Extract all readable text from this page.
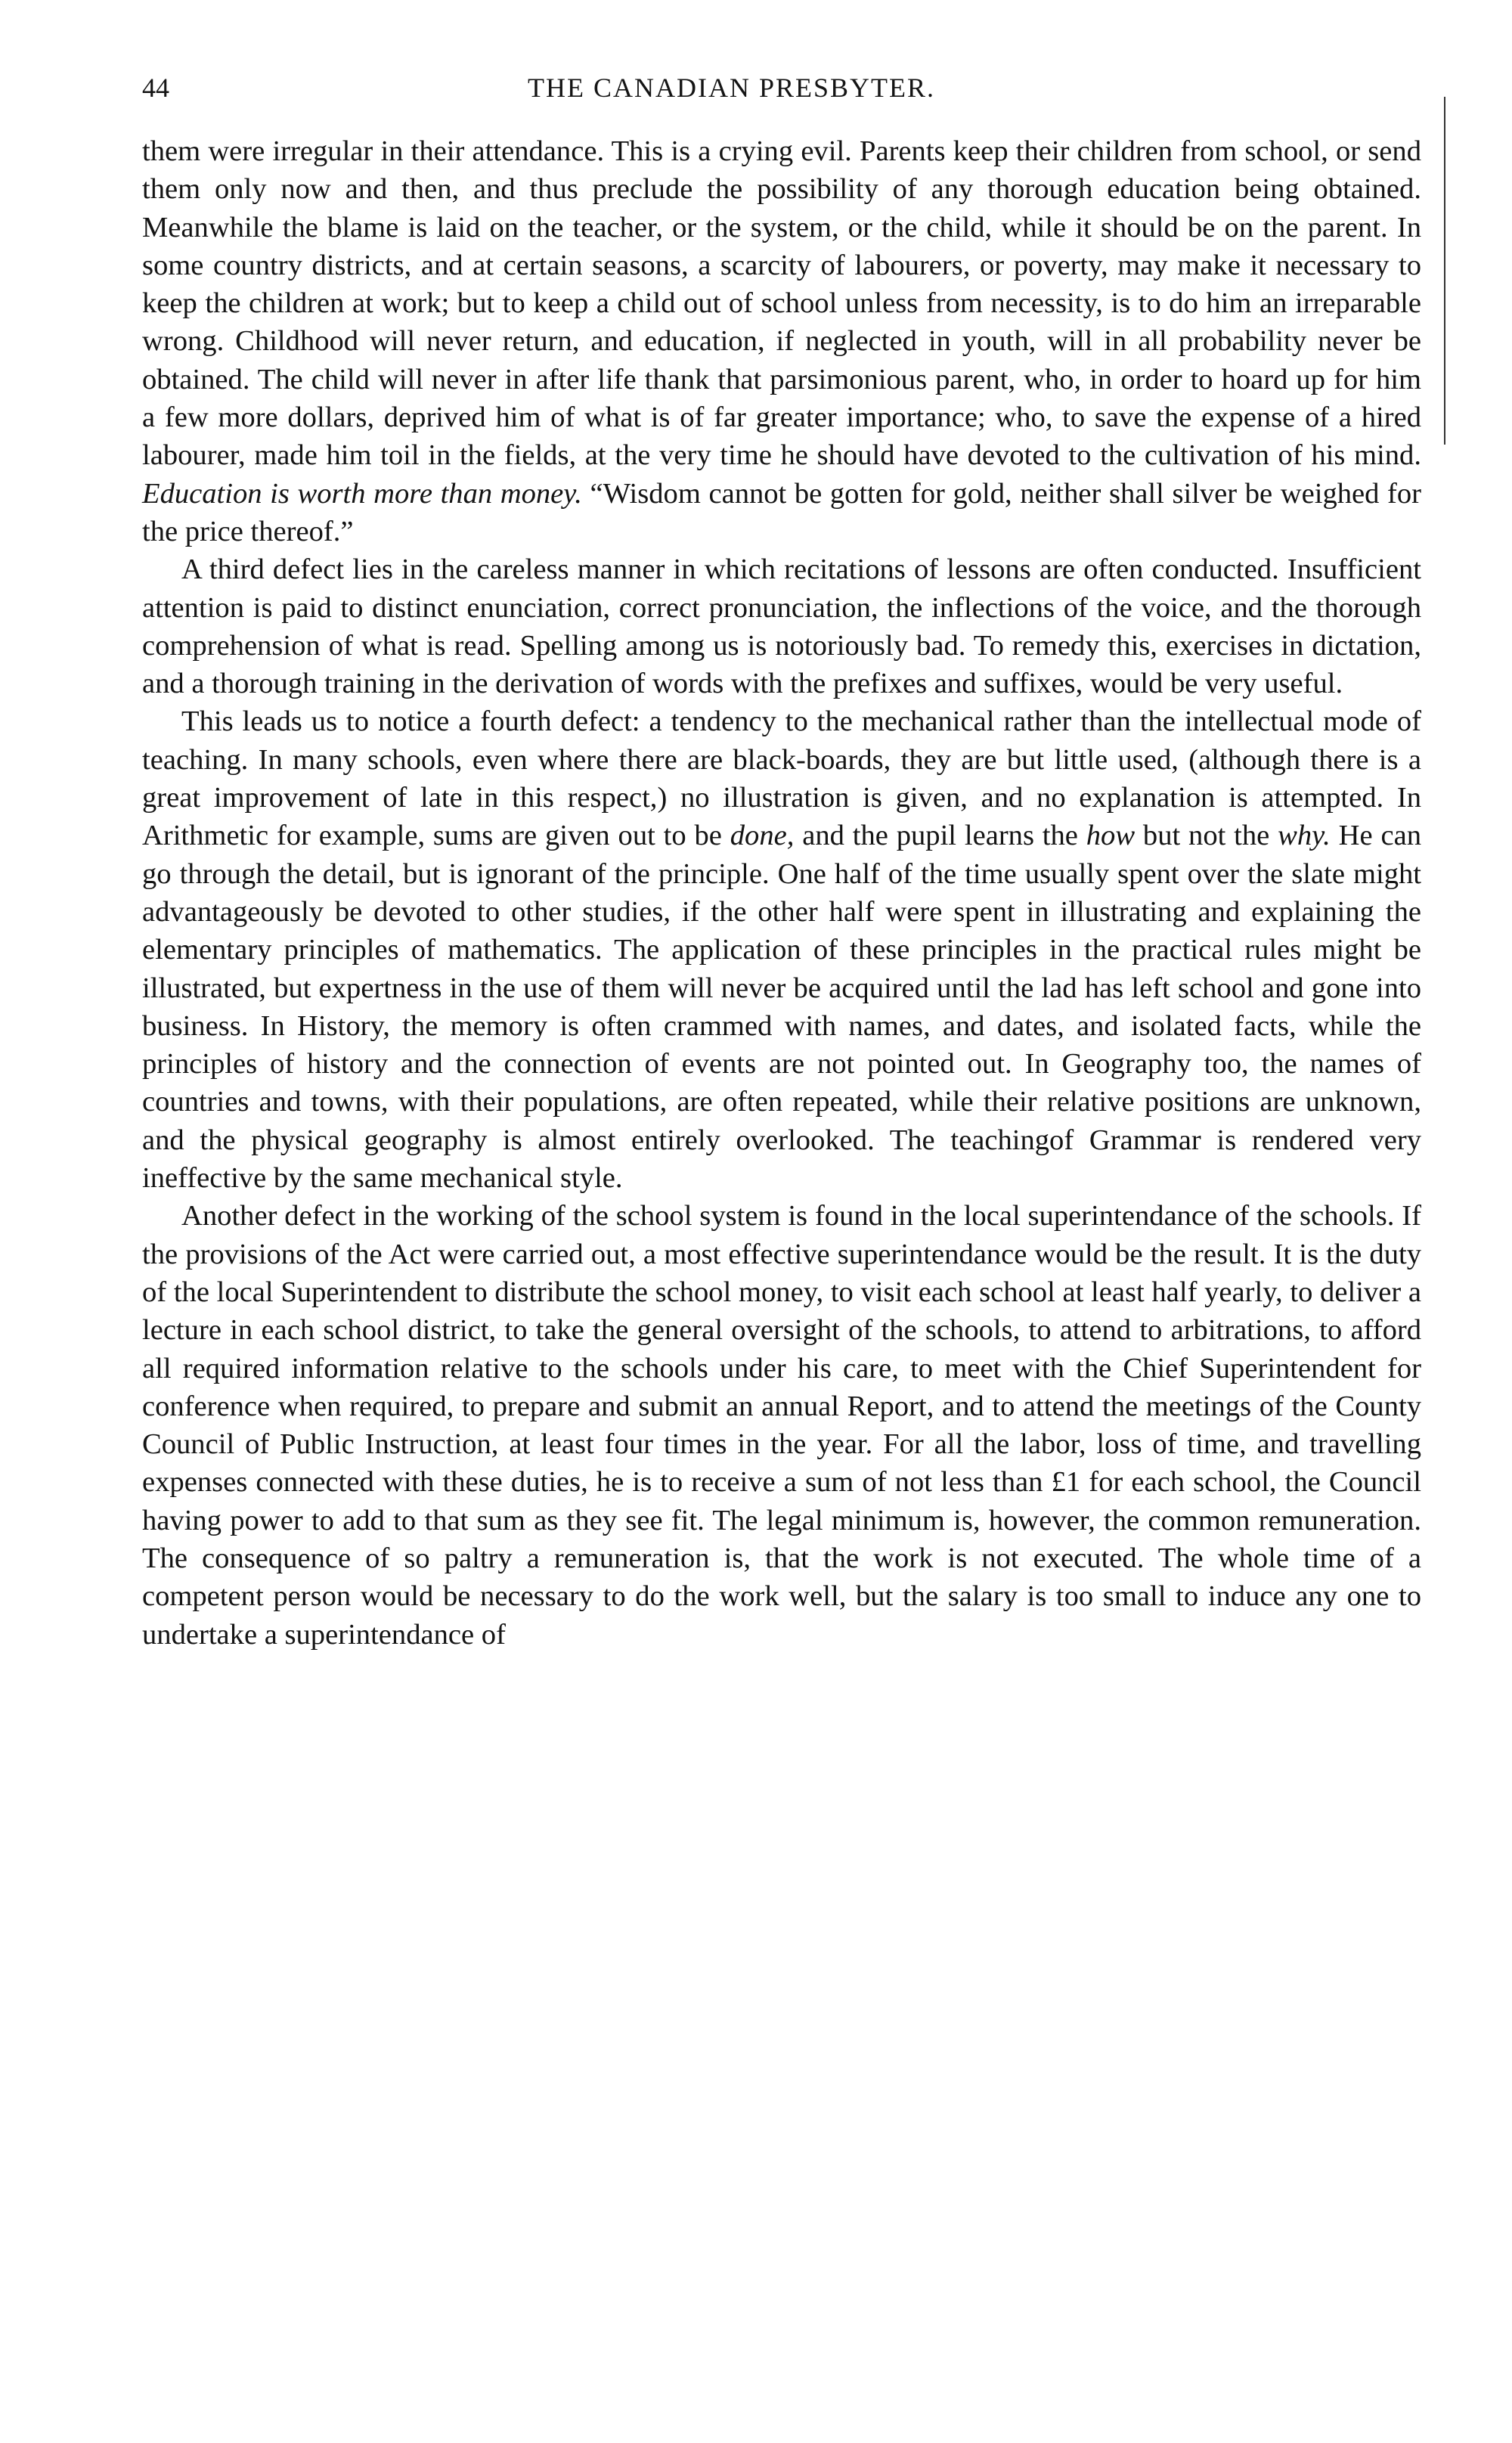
44	THE CANADIAN PRESBYTER.

them were irregular in their attendance. This is a crying evil. Parents keep their children from school, or send them only now and then, and thus preclude the possibility of any thorough education being obtained. Meanwhile the blame is laid on the teacher, or the system, or the child, while it should be on the parent. In some country districts, and at certain seasons, a scarcity of labourers, or poverty, may make it necessary to keep the children at work; but to keep a child out of school unless from necessity, is to do him an irreparable wrong. Childhood will never return, and education, if neglected in youth, will in all probability never be obtained. The child will never in after life thank that parsimonious parent, who, in order to hoard up for him a few more dollars, deprived him of what is of far greater importance; who, to save the expense of a hired labourer, made him toil in the fields, at the very time he should have devoted to the cultivation of his mind. Education is worth more than money. “Wisdom cannot be gotten for gold, neither shall silver be weighed for the price thereof.”

A third defect lies in the careless manner in which recitations of lessons are often conducted. Insufficient attention is paid to distinct enunciation, correct pronunciation, the inflections of the voice, and the thorough comprehension of what is read. Spelling among us is notoriously bad. To remedy this, exercises in dictation, and a thorough training in the derivation of words with the prefixes and suffixes, would be very useful.

This leads us to notice a fourth defect: a tendency to the mechanical rather than the intellectual mode of teaching. In many schools, even where there are black-boards, they are but little used, (although there is a great improvement of late in this respect,) no illustration is given, and no explanation is attempted. In Arithmetic for example, sums are given out to be done, and the pupil learns the how but not the why. He can go through the detail, but is ignorant of the principle. One half of the time usually spent over the slate might advantageously be devoted to other studies, if the other half were spent in illustrating and explaining the elementary principles of mathematics. The application of these principles in the practical rules might be illustrated, but expertness in the use of them will never be acquired until the lad has left school and gone into business. In History, the memory is often crammed with names, and dates, and isolated facts, while the principles of history and the connection of events are not pointed out. In Geography too, the names of countries and towns, with their populations, are often repeated, while their relative positions are unknown, and the physical geography is almost entirely overlooked. The teachingof Grammar is rendered very ineffective by the same mechanical style.

Another defect in the working of the school system is found in the local superintendance of the schools. If the provisions of the Act were carried out, a most effective superintendance would be the result. It is the duty of the local Superintendent to distribute the school money, to visit each school at least half yearly, to deliver a lecture in each school district, to take the general oversight of the schools, to attend to arbitrations, to afford all required information relative to the schools under his care, to meet with the Chief Superintendent for conference when required, to prepare and submit an annual Report, and to attend the meetings of the County Council of Public Instruction, at least four times in the year. For all the labor, loss of time, and travelling expenses connected with these duties, he is to receive a sum of not less than £1 for each school, the Council having power to add to that sum as they see fit. The legal minimum is, however, the common remuneration. The consequence of so paltry a remuneration is, that the work is not executed. The whole time of a competent person would be necessary to do the work well, but the salary is too small to induce any one to undertake a superintendance of
